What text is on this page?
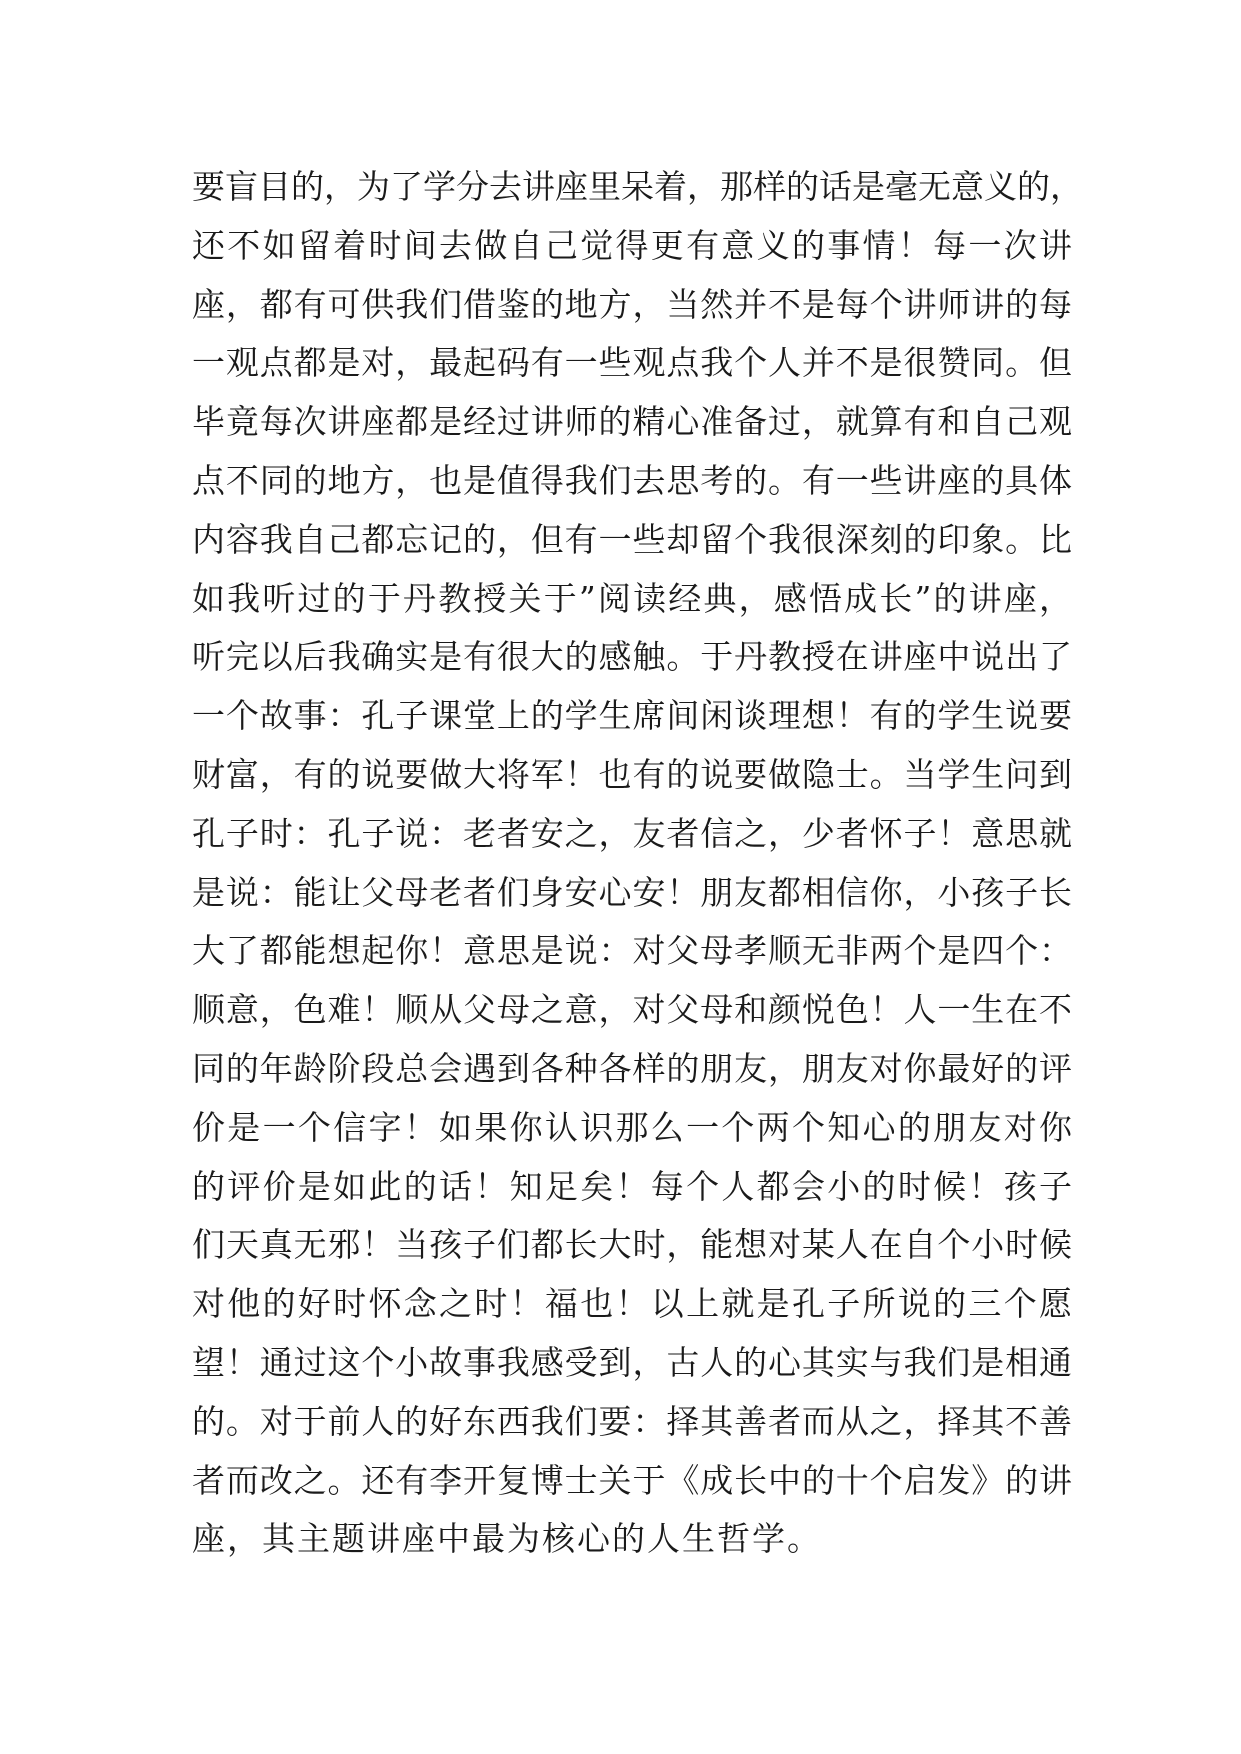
要盲目的，为了学分去讲座里呆着，那样的话是毫无意义的，
还不如留着时间去做自己觉得更有意义的事情！每一次讲
座，都有可供我们借鉴的地方，当然并不是每个讲师讲的每
一观点都是对，最起码有一些观点我个人并不是很赞同。但
毕竟每次讲座都是经过讲师的精心准备过，就算有和自己观
点不同的地方，也是值得我们去思考的。有一些讲座的具体
内容我自己都忘记的，但有一些却留个我很深刻的印象。比
如我听过的于丹教授关于”阅读经典，感悟成长”的讲座，
听完以后我确实是有很大的感触。于丹教授在讲座中说出了
一个故事：孔子课堂上的学生席间闲谈理想！有的学生说要
财富，有的说要做大将军！也有的说要做隐士。当学生问到
孔子时：孔子说：老者安之，友者信之，少者怀子！意思就
是说：能让父母老者们身安心安！朋友都相信你，小孩子长
大了都能想起你！意思是说：对父母孝顺无非两个是四个：
顺意，色难！顺从父母之意，对父母和颜悦色！人一生在不
同的年龄阶段总会遇到各种各样的朋友，朋友对你最好的评
价是一个信字！如果你认识那么一个两个知心的朋友对你
的评价是如此的话！知足矣！每个人都会小的时候！孩子
们天真无邪！当孩子们都长大时，能想对某人在自个小时候
对他的好时怀念之时！福也！以上就是孔子所说的三个愿
望！通过这个小故事我感受到，古人的心其实与我们是相通
的。对于前人的好东西我们要：择其善者而从之，择其不善
者而改之。还有李开复博士关于《成长中的十个启发》的讲
座，其主题讲座中最为核心的人生哲学。
